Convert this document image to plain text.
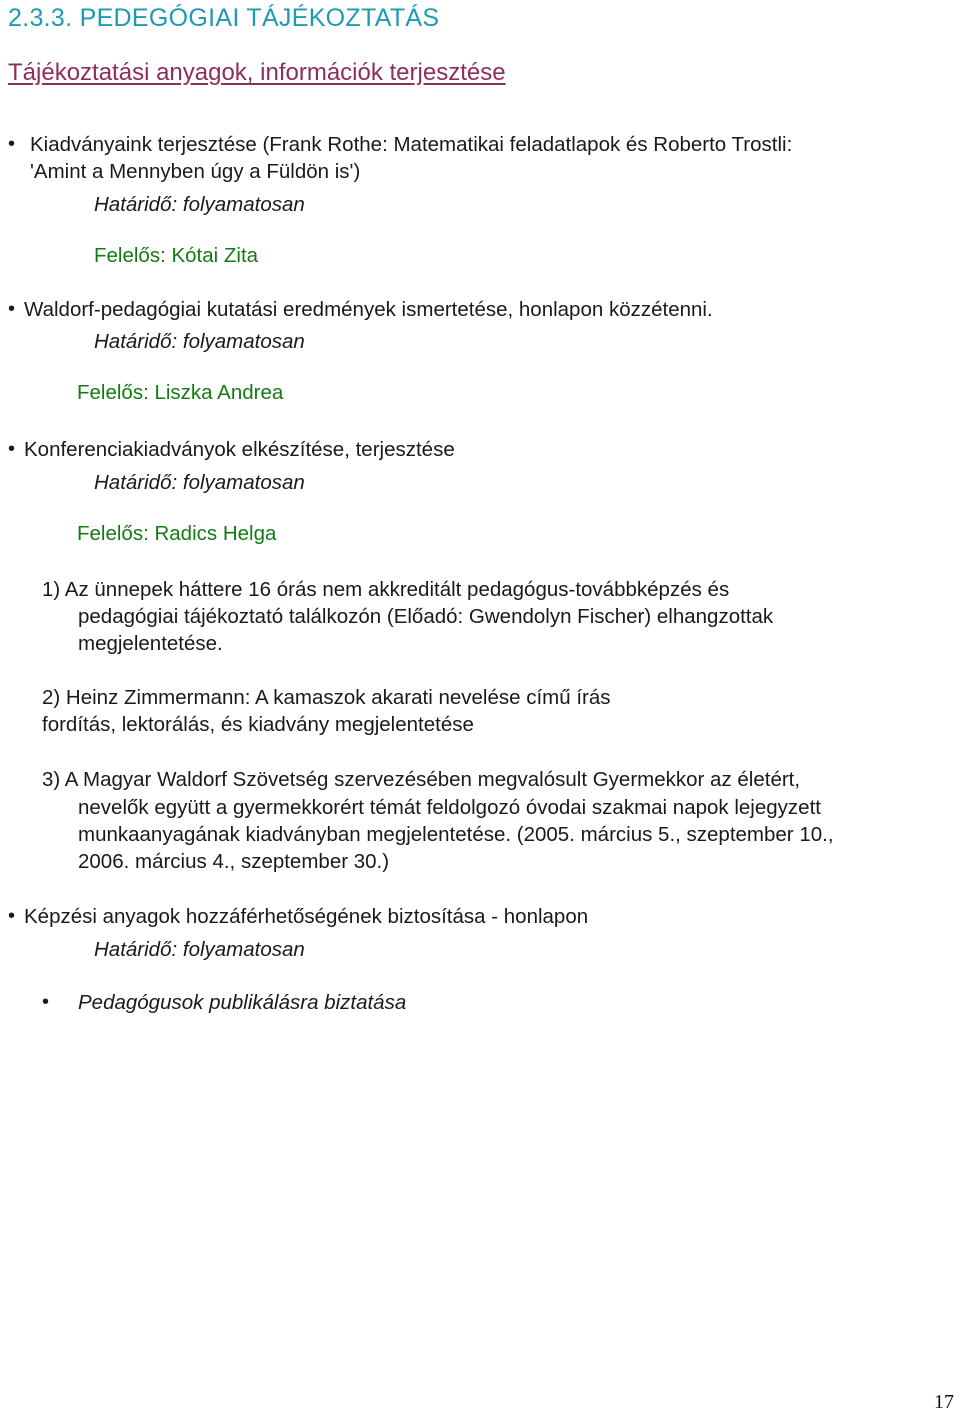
2.3.3. PEDEGÓGIAI TÁJÉKOZTATÁS
Tájékoztatási anyagok, információk terjesztése
• Kiadványaink terjesztése (Frank Rothe: Matematikai feladatlapok és Roberto Trostli:
'Amint a Mennyben úgy a Füldön is')
Határidő: folyamatosan
Felelős: Kótai Zita
• Waldorf-pedagógiai kutatási eredmények ismertetése, honlapon közzétenni.
Határidő: folyamatosan
Felelős: Liszka Andrea
• Konferenciakiadványok elkészítése, terjesztése
Határidő: folyamatosan
Felelős: Radics Helga
1) Az ünnepek háttere 16 órás nem akkreditált pedagógus-továbbképzés és
pedagógiai tájékoztató találkozón (Előadó: Gwendolyn Fischer) elhangzottak
megjelentetése.
2) Heinz Zimmermann: A kamaszok akarati nevelése című írás
fordítás, lektorálás, és kiadvány megjelentetése
3) A Magyar Waldorf Szövetség szervezésében megvalósult Gyermekkor az életért,
nevelők együtt a gyermekkorért témát feldolgozó óvodai szakmai napok lejegyzett
munkaanyagának kiadványban megjelentetése. (2005. március 5., szeptember 10.,
2006. március 4., szeptember 30.)
• Képzési anyagok hozzáférhetőségének biztosítása - honlapon
Határidő: folyamatosan
• Pedagógusok publikálásra biztatása
17
